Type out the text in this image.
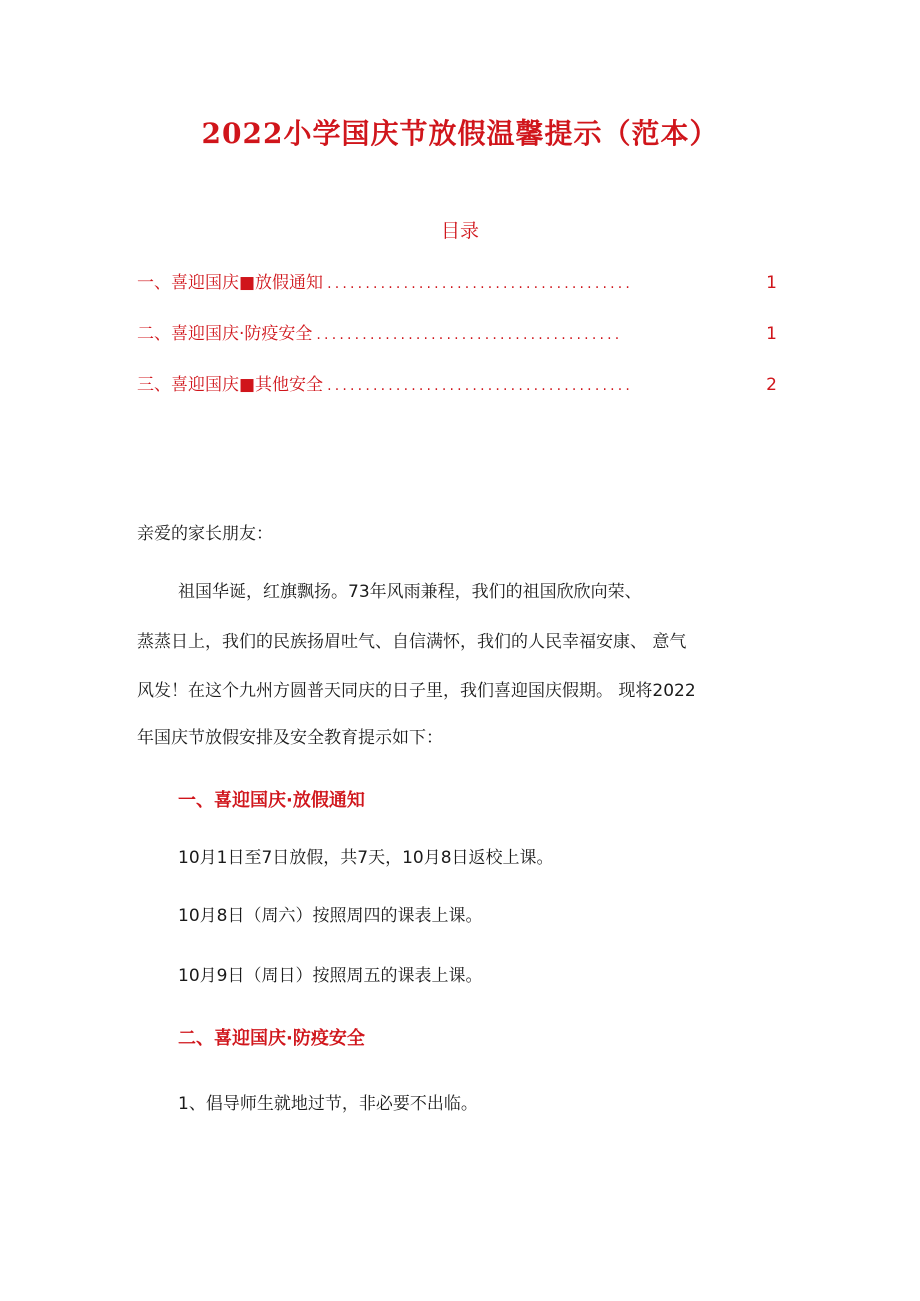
2022小学国庆节放假温馨提示（范本）
目录
一、喜迎国庆■放假通知 ........................................	1
二、喜迎国庆·防疫安全 ........................................	1
三、喜迎国庆■其他安全 ........................................	2
亲爱的家长朋友：
祖国华诞，红旗飘扬。73年风雨兼程，我们的祖国欣欣向荣、
蒸蒸日上，我们的民族扬眉吐气、自信满怀，我们的人民幸福安康、 意气
风发！在这个九州方圆普天同庆的日子里，我们喜迎国庆假期。 现将2022
年国庆节放假安排及安全教育提示如下：
一、喜迎国庆·放假通知
10月1日至7日放假，共7天，10月8日返校上课。
10月8日（周六）按照周四的课表上课。
10月9日（周日）按照周五的课表上课。
二、喜迎国庆·防疫安全
1、倡导师生就地过节，非必要不出临。
